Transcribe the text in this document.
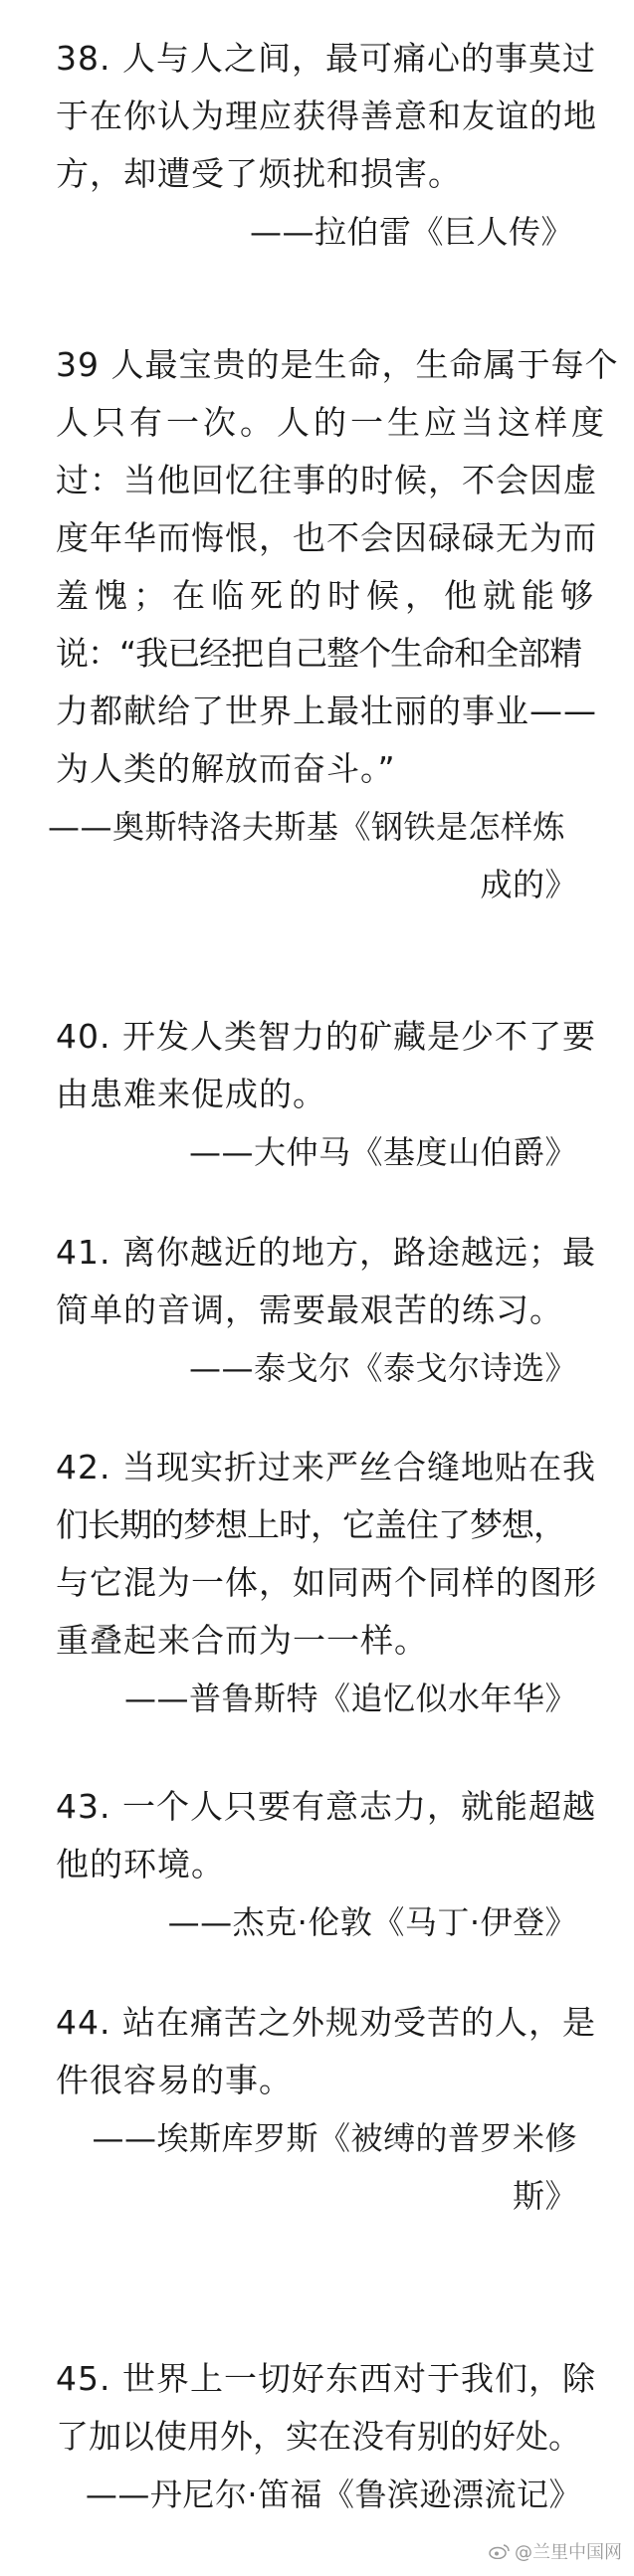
38. 人与人之间，最可痛心的事莫过
于在你认为理应获得善意和友谊的地
方，却遭受了烦扰和损害。
——拉伯雷《巨人传》
39 人最宝贵的是生命，生命属于每个
人只有一次。人的一生应当这样度
过：当他回忆往事的时候，不会因虚
度年华而悔恨，也不会因碌碌无为而
羞愧；在临死的时候，他就能够
说：“我已经把自己整个生命和全部精
力都献给了世界上最壮丽的事业——
为人类的解放而奋斗。”
——奥斯特洛夫斯基《钢铁是怎样炼
成的》
40. 开发人类智力的矿藏是少不了要
由患难来促成的。
——大仲马《基度山伯爵》
41. 离你越近的地方，路途越远；最
简单的音调，需要最艰苦的练习。
——泰戈尔《泰戈尔诗选》
42. 当现实折过来严丝合缝地贴在我
们长期的梦想上时，它盖住了梦想，
与它混为一体，如同两个同样的图形
重叠起来合而为一一样。
——普鲁斯特《追忆似水年华》
43. 一个人只要有意志力，就能超越
他的环境。
——杰克·伦敦《马丁·伊登》
44. 站在痛苦之外规劝受苦的人，是
件很容易的事。
——埃斯库罗斯《被缚的普罗米修
斯》
45. 世界上一切好东西对于我们，除
了加以使用外，实在没有别的好处。
——丹尼尔·笛福《鲁滨逊漂流记》
@兰里中国网
